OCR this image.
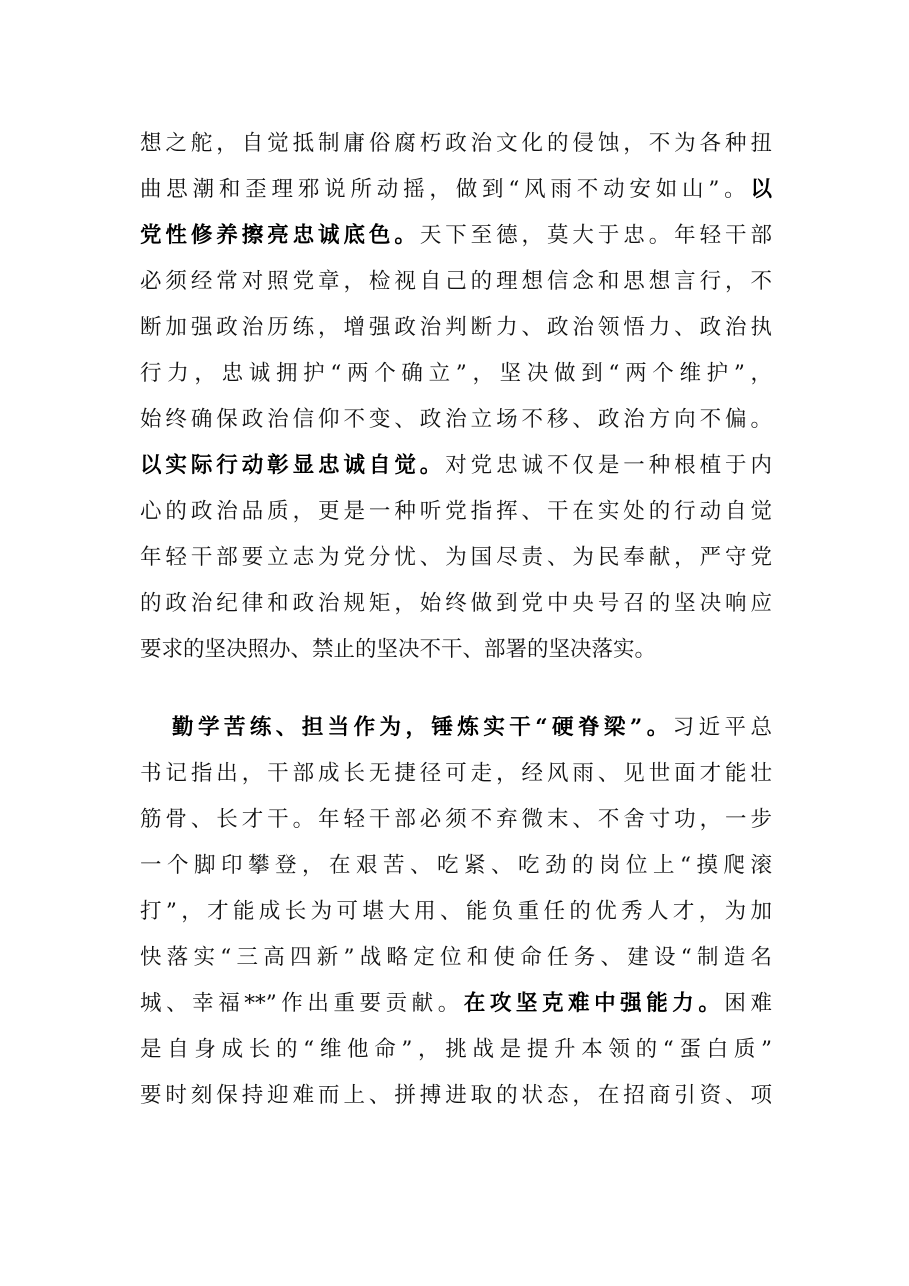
想之舵，自觉抵制庸俗腐朽政治文化的侵蚀，不为各种扭
曲思潮和歪理邪说所动摇，做到“风雨不动安如山”。以
党性修养擦亮忠诚底色。天下至德，莫大于忠。年轻干部
必须经常对照党章，检视自己的理想信念和思想言行，不
断加强政治历练，增强政治判断力、政治领悟力、政治执
行力，忠诚拥护“两个确立”，坚决做到“两个维护”，
始终确保政治信仰不变、政治立场不移、政治方向不偏。
以实际行动彰显忠诚自觉。对党忠诚不仅是一种根植于内
心的政治品质，更是一种听党指挥、干在实处的行动自觉
年轻干部要立志为党分忧、为国尽责、为民奉献，严守党
的政治纪律和政治规矩，始终做到党中央号召的坚决响应
要求的坚决照办、禁止的坚决不干、部署的坚决落实。
勤学苦练、担当作为，锤炼实干“硬脊梁”。习近平总
书记指出，干部成长无捷径可走，经风雨、见世面才能壮
筋骨、长才干。年轻干部必须不弃微末、不舍寸功，一步
一个脚印攀登，在艰苦、吃紧、吃劲的岗位上“摸爬滚
打”，才能成长为可堪大用、能负重任的优秀人才，为加
快落实“三高四新”战略定位和使命任务、建设“制造名
城、幸福**”作出重要贡献。在攻坚克难中强能力。困难
是自身成长的“维他命”，挑战是提升本领的“蛋白质”
要时刻保持迎难而上、拼搏进取的状态，在招商引资、项
